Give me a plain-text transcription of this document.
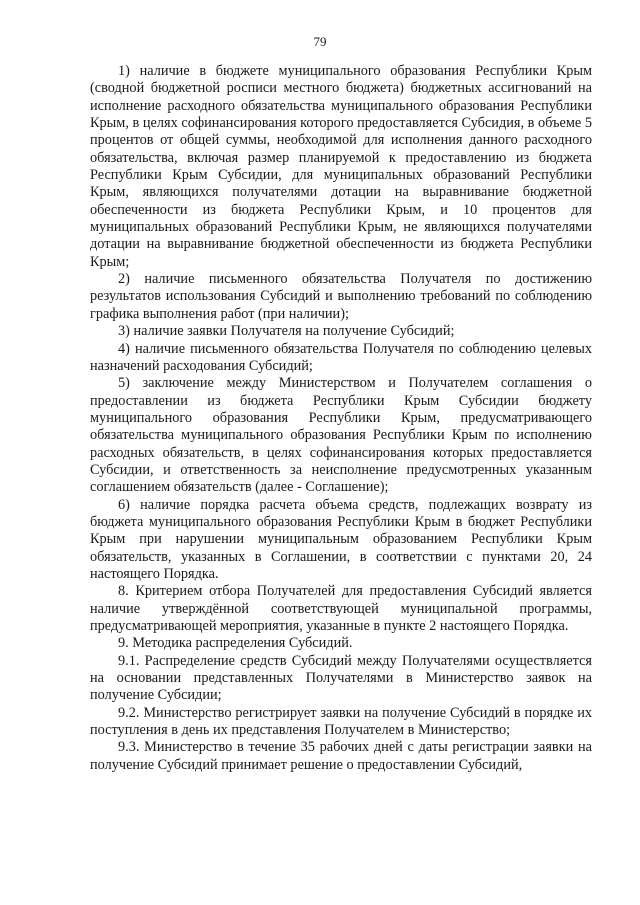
79

1) наличие в бюджете муниципального образования Республики Крым (сводной бюджетной росписи местного бюджета) бюджетных ассигнований на исполнение расходного обязательства муниципального образования Республики Крым, в целях софинансирования которого предоставляется Субсидия, в объеме 5 процентов от общей суммы, необходимой для исполнения данного расходного обязательства, включая размер планируемой к предоставлению из бюджета Республики Крым Субсидии, для муниципальных образований Республики Крым, являющихся получателями дотации на выравнивание бюджетной обеспеченности из бюджета Республики Крым, и 10 процентов для муниципальных образований Республики Крым, не являющихся получателями дотации на выравнивание бюджетной обеспеченности из бюджета Республики Крым;

2) наличие письменного обязательства Получателя по достижению результатов использования Субсидий и выполнению требований по соблюдению графика выполнения работ (при наличии);

3) наличие заявки Получателя на получение Субсидий;

4) наличие письменного обязательства Получателя по соблюдению целевых назначений расходования Субсидий;

5) заключение между Министерством и Получателем соглашения о предоставлении из бюджета Республики Крым Субсидии бюджету муниципального образования Республики Крым, предусматривающего обязательства муниципального образования Республики Крым по исполнению расходных обязательств, в целях софинансирования которых предоставляется Субсидии, и ответственность за неисполнение предусмотренных указанным соглашением обязательств (далее - Соглашение);

6) наличие порядка расчета объема средств, подлежащих возврату из бюджета муниципального образования Республики Крым в бюджет Республики Крым при нарушении муниципальным образованием Республики Крым обязательств, указанных в Соглашении, в соответствии с пунктами 20, 24 настоящего Порядка.

8. Критерием отбора Получателей для предоставления Субсидий является наличие утверждённой соответствующей муниципальной программы, предусматривающей мероприятия, указанные в пункте 2 настоящего Порядка.

9. Методика распределения Субсидий.

9.1. Распределение средств Субсидий между Получателями осуществляется на основании представленных Получателями в Министерство заявок на получение Субсидии;

9.2. Министерство регистрирует заявки на получение Субсидий в порядке их поступления в день их представления Получателем в Министерство;

9.3. Министерство в течение 35 рабочих дней с даты регистрации заявки на получение Субсидий принимает решение о предоставлении Субсидий,
